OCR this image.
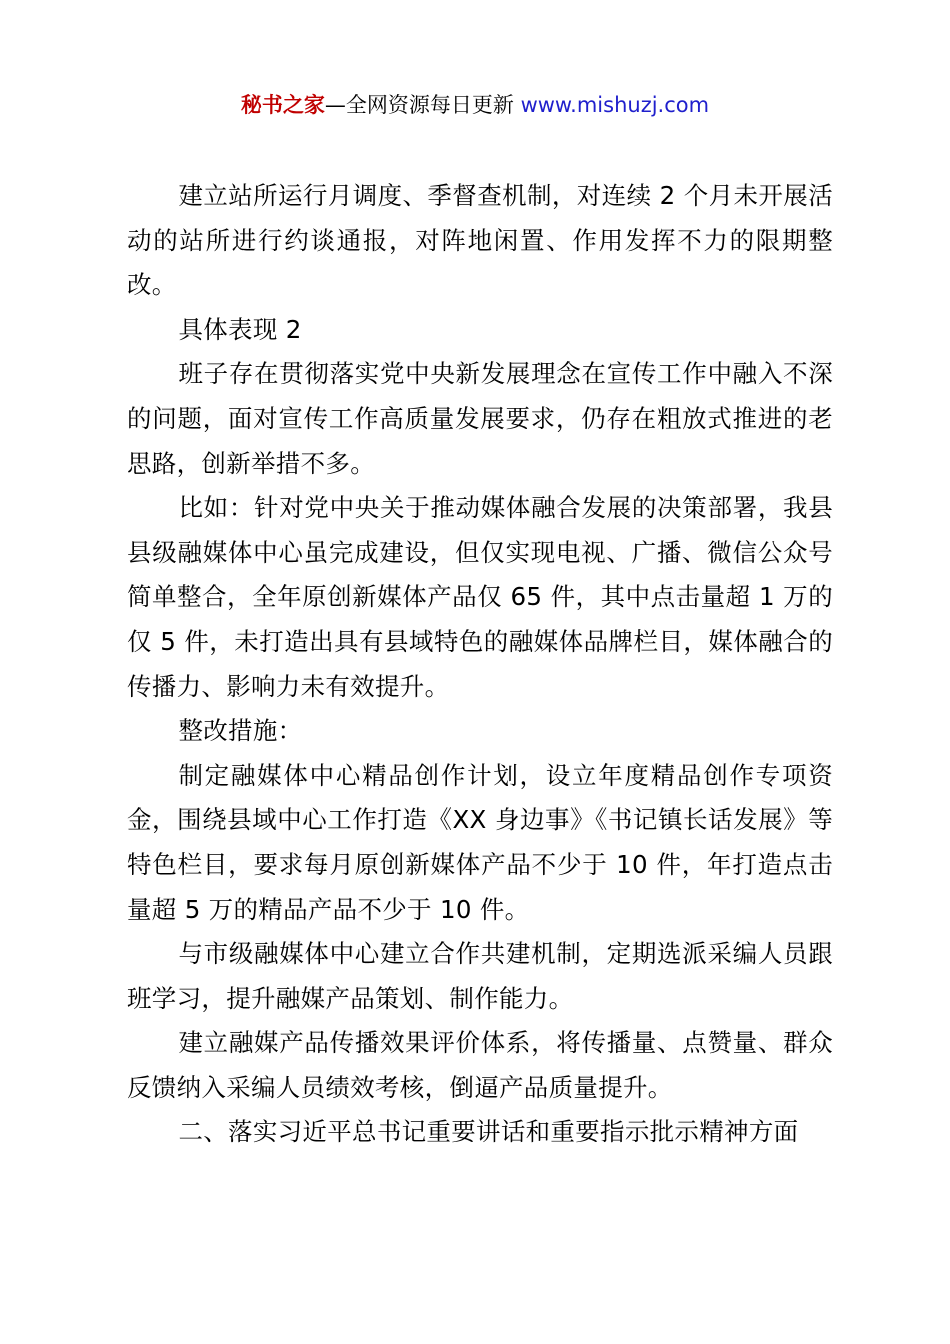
秘书之家—全网资源每日更新 www.mishuzj.com

建立站所运行月调度、季督查机制，对连续 2 个月未开展活动的站所进行约谈通报，对阵地闲置、作用发挥不力的限期整改。

具体表现 2

班子存在贯彻落实党中央新发展理念在宣传工作中融入不深的问题，面对宣传工作高质量发展要求，仍存在粗放式推进的老思路，创新举措不多。

比如：针对党中央关于推动媒体融合发展的决策部署，我县县级融媒体中心虽完成建设，但仅实现电视、广播、微信公众号简单整合，全年原创新媒体产品仅 65 件，其中点击量超 1 万的仅 5 件，未打造出具有县域特色的融媒体品牌栏目，媒体融合的传播力、影响力未有效提升。

整改措施：

制定融媒体中心精品创作计划，设立年度精品创作专项资金，围绕县域中心工作打造《XX 身边事》《书记镇长话发展》等特色栏目，要求每月原创新媒体产品不少于 10 件，年打造点击量超 5 万的精品产品不少于 10 件。

与市级融媒体中心建立合作共建机制，定期选派采编人员跟班学习，提升融媒产品策划、制作能力。

建立融媒产品传播效果评价体系，将传播量、点赞量、群众反馈纳入采编人员绩效考核，倒逼产品质量提升。

二、落实习近平总书记重要讲话和重要指示批示精神方面
